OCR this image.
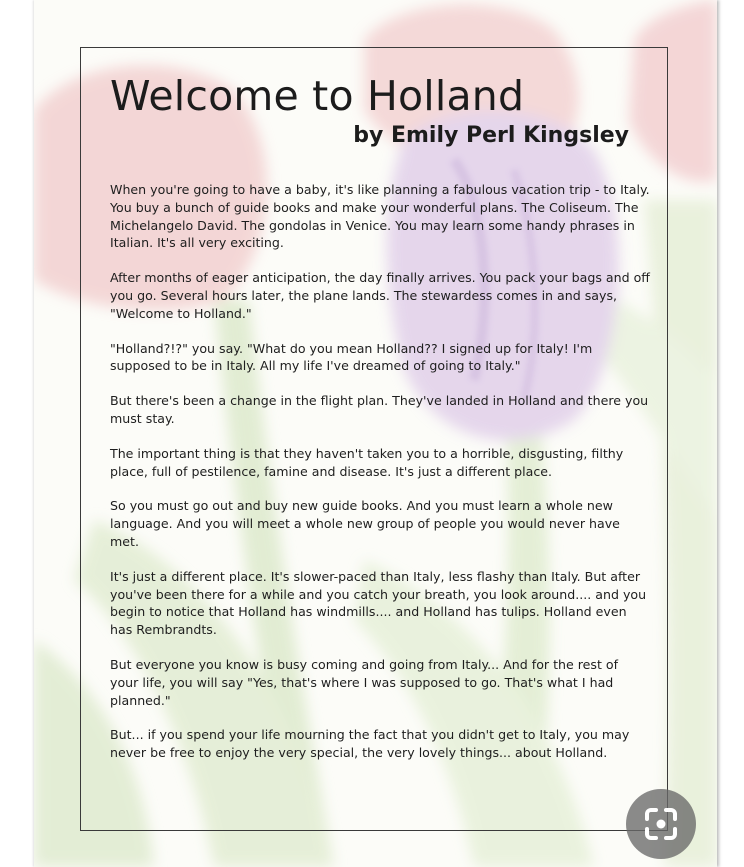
Welcome to Holland
by Emily Perl Kingsley

When you're going to have a baby, it's like planning a fabulous vacation trip - to Italy. You buy a bunch of guide books and make your wonderful plans. The Coliseum. The Michelangelo David. The gondolas in Venice. You may learn some handy phrases in Italian. It's all very exciting.

After months of eager anticipation, the day finally arrives. You pack your bags and off you go. Several hours later, the plane lands. The stewardess comes in and says, "Welcome to Holland."

"Holland?!?" you say. "What do you mean Holland?? I signed up for Italy! I'm supposed to be in Italy. All my life I've dreamed of going to Italy."

But there's been a change in the flight plan. They've landed in Holland and there you must stay.

The important thing is that they haven't taken you to a horrible, disgusting, filthy place, full of pestilence, famine and disease. It's just a different place.

So you must go out and buy new guide books. And you must learn a whole new language. And you will meet a whole new group of people you would never have met.

It's just a different place. It's slower-paced than Italy, less flashy than Italy. But after you've been there for a while and you catch your breath, you look around.... and you begin to notice that Holland has windmills.... and Holland has tulips. Holland even has Rembrandts.

But everyone you know is busy coming and going from Italy... And for the rest of your life, you will say "Yes, that's where I was supposed to go. That's what I had planned."

But... if you spend your life mourning the fact that you didn't get to Italy, you may never be free to enjoy the very special, the very lovely things... about Holland.
